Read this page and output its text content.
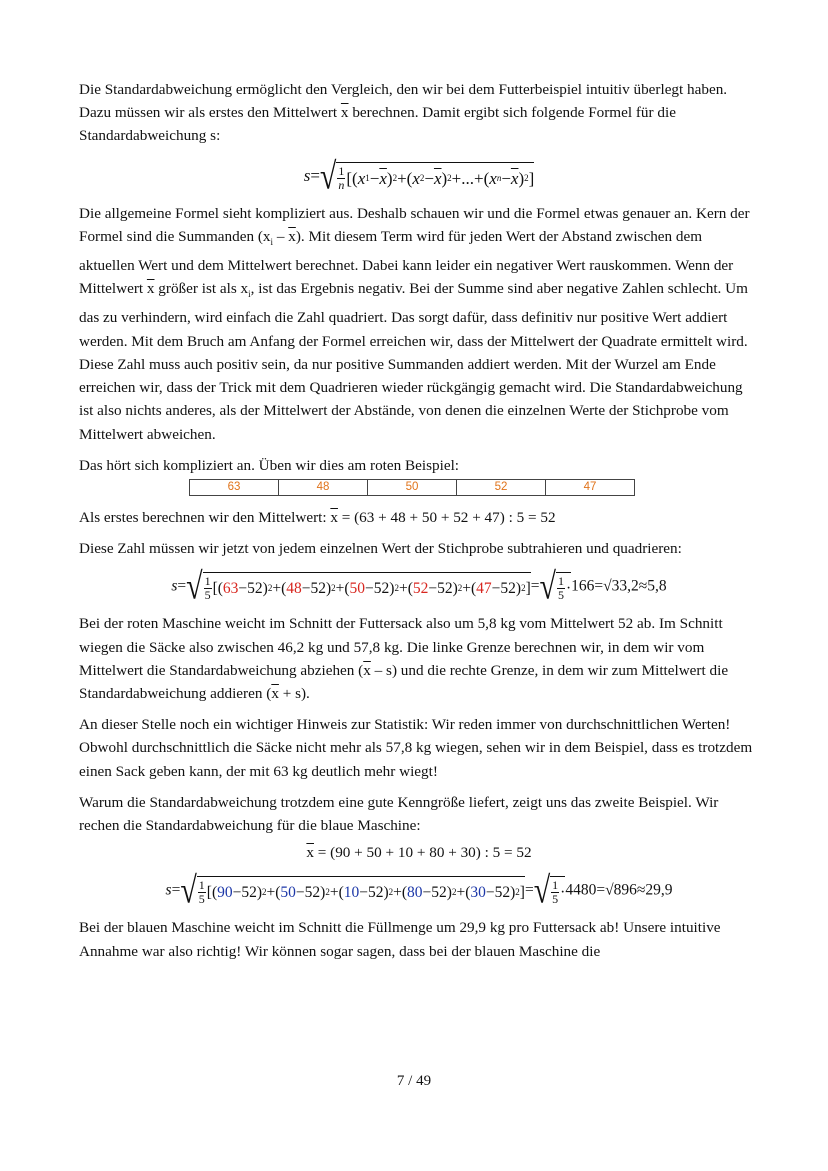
Die Standardabweichung ermöglicht den Vergleich, den wir bei dem Futterbeispiel intuitiv überlegt haben. Dazu müssen wir als erstes den Mittelwert $\overline{x}$ berechnen. Damit ergibt sich folgende Formel für die Standardabweichung s:

s= √ $\frac{1}{n}$ [( x $1 - \overline{x}$ ) 2 +( x $2 - \overline{x}$ ) 2 +...+( x $n - \overline{x}$ ) 2 ]

Die allgemeine Formel sieht kompliziert aus. Deshalb schauen wir und die Formel etwas genauer an. Kern der Formel sind die Summanden $(x_i - \overline{x})$. Mit diesem Term wird für jeden Wert der Abstand zwischen dem aktuellen Wert und dem Mittelwert berechnet. Dabei kann leider ein negativer Wert rauskommen. Wenn der Mittelwert $\overline{x}$ größer ist als $x_i$, ist das Ergebnis negativ. Bei der Summe sind aber negative Zahlen schlecht. Um das zu verhindern, wird einfach die Zahl quadriert. Das sorgt dafür, dass definitiv nur positive Wert addiert werden. Mit dem Bruch am Anfang der Formel erreichen wir, dass der Mittelwert der Quadrate ermittelt wird. Diese Zahl muss auch positiv sein, da nur positive Summanden addiert werden. Mit der Wurzel am Ende erreichen wir, dass der Trick mit dem Quadrieren wieder rückgängig gemacht wird. Die Standardabweichung ist also nichts anderes, als der Mittelwert der Abstände, von denen die einzelnen Werte der Stichprobe vom Mittelwert abweichen.

Das hört sich kompliziert an. Üben wir dies am roten Beispiel:

63	48	50	52	47

Als erstes berechnen wir den Mittelwert: $\overline{x} = (63 + 48 + 50 + 52 + 47)$ : 5 = 52

Diese Zahl müssen wir jetzt von jedem einzelnen Wert der Stichprobe subtrahieren und quadrieren:

s= √ $\frac{1}{5}$ [( 63 −52) 2 +( 48 −52) 2 +( 50 −52) 2 +( 52 −52) 2 +( 47 −52) 2 ] = √ $\frac{1}{5} \cdot 166=√33,2\approx 5,8$

Bei der roten Maschine weicht im Schnitt der Futtersack also um 5,8 kg vom Mittelwert 52 ab. Im Schnitt wiegen die Säcke also zwischen 46,2 kg und 57,8 kg. Die linke Grenze berechnen wir, in dem wir vom Mittelwert die Standardabweichung abziehen $(\overline{x} - s)$ und die rechte Grenze, in dem wir zum Mittelwert die Standardabweichung addieren $(\overline{x} + s)$.

An dieser Stelle noch ein wichtiger Hinweis zur Statistik: Wir reden immer von durchschnittlichen Werten! Obwohl durchschnittlich die Säcke nicht mehr als 57,8 kg wiegen, sehen wir in dem Beispiel, dass es trotzdem einen Sack geben kann, der mit 63 kg deutlich mehr wiegt!

Warum die Standardabweichung trotzdem eine gute Kenngröße liefert, zeigt uns das zweite Beispiel. Wir rechen die Standardabweichung für die blaue Maschine:

$\overline{x} = (90 + 50 + 10 + 80 + 30)$ : 5 = 52
s= √ $\frac{1}{5}$ [( 90 −52) 2 +( 50 −52) 2 +( 10 −52) 2 +( 80 −52) 2 +( 30 −52) 2 ] = √ $\frac{1}{5} \cdot 4480=√896\approx 29,9$

Bei der blauen Maschine weicht im Schnitt die Füllmenge um 29,9 kg pro Futtersack ab! Unsere intuitive Annahme war also richtig! Wir können sogar sagen, dass bei der blauen Maschine die

7 / 49
